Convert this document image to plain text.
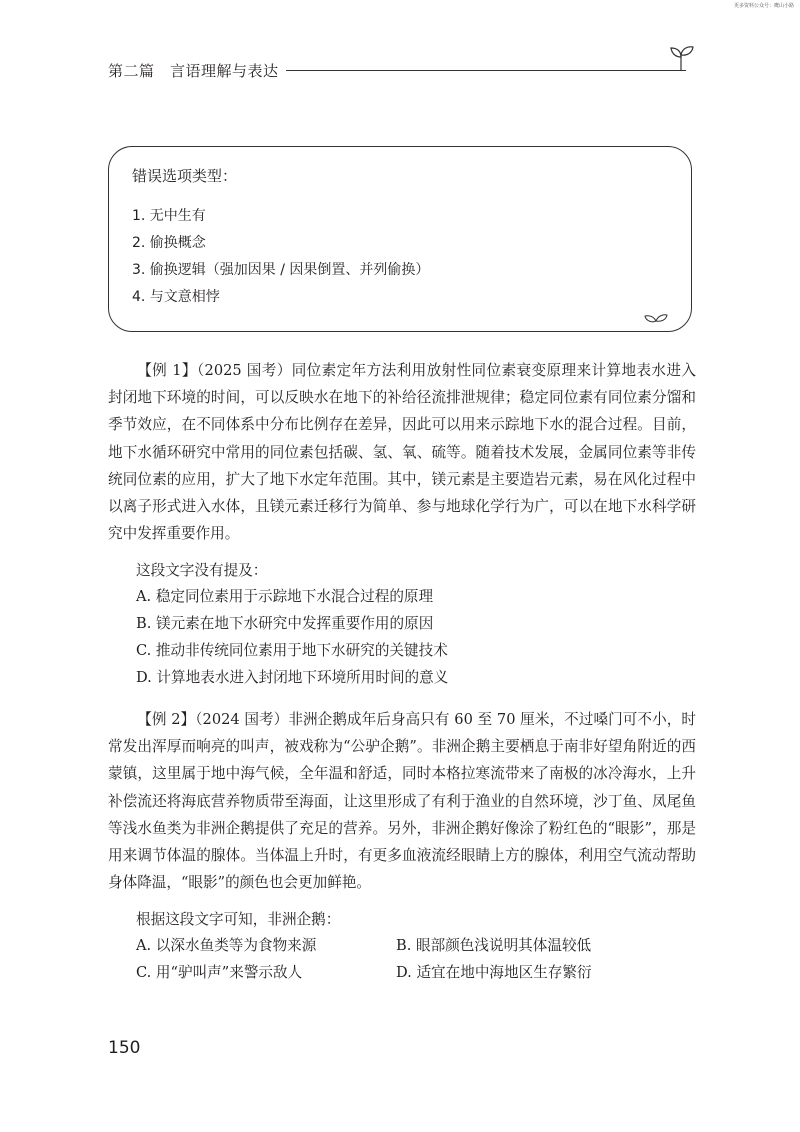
更多资料公众号：鹰山小路
第二篇　言语理解与表达
错误选项类型：
1. 无中生有
2. 偷换概念
3. 偷换逻辑（强加因果 / 因果倒置、并列偷换）
4. 与文意相悖

【例 1】（2025 国考）同位素定年方法利用放射性同位素衰变原理来计算地表水进入封闭地下环境的时间，可以反映水在地下的补给径流排泄规律；稳定同位素有同位素分馏和季节效应，在不同体系中分布比例存在差异，因此可以用来示踪地下水的混合过程。目前，地下水循环研究中常用的同位素包括碳、氢、氧、硫等。随着技术发展，金属同位素等非传统同位素的应用，扩大了地下水定年范围。其中，镁元素是主要造岩元素，易在风化过程中以离子形式进入水体，且镁元素迁移行为简单、参与地球化学行为广，可以在地下水科学研究中发挥重要作用。

这段文字没有提及：
A. 稳定同位素用于示踪地下水混合过程的原理
B. 镁元素在地下水研究中发挥重要作用的原因
C. 推动非传统同位素用于地下水研究的关键技术
D. 计算地表水进入封闭地下环境所用时间的意义

【例 2】（2024 国考）非洲企鹅成年后身高只有 60 至 70 厘米，不过嗓门可不小，时常发出浑厚而响亮的叫声，被戏称为“公驴企鹅”。非洲企鹅主要栖息于南非好望角附近的西蒙镇，这里属于地中海气候，全年温和舒适，同时本格拉寒流带来了南极的冰冷海水，上升补偿流还将海底营养物质带至海面，让这里形成了有利于渔业的自然环境，沙丁鱼、凤尾鱼等浅水鱼类为非洲企鹅提供了充足的营养。另外，非洲企鹅好像涂了粉红色的“眼影”，那是用来调节体温的腺体。当体温上升时，有更多血液流经眼睛上方的腺体，利用空气流动帮助身体降温，“眼影”的颜色也会更加鲜艳。

根据这段文字可知，非洲企鹅：
A. 以深水鱼类等为食物来源	B. 眼部颜色浅说明其体温较低
C. 用“驴叫声”来警示敌人	D. 适宜在地中海地区生存繁衍
150
